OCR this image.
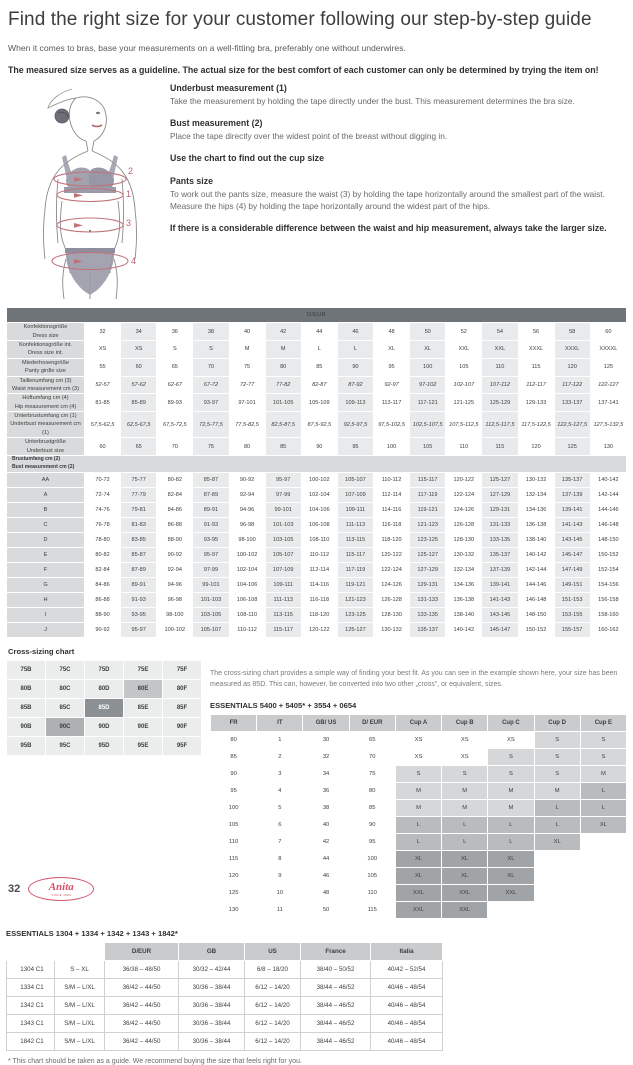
Find the right size for your customer following our step-by-step guide

When it comes to bras, base your measurements on a well-fitting bra, preferably one without underwires.

The measured size serves as a guideline. The actual size for the best comfort of each customer can only be determined by trying the item on!

2
1
3
4
Underbust measurement (1)
Take the measurement by holding the tape directly under the bust. This measurement determines the bra size.
Bust measurement (2)
Place the tape directly over the widest point of the breast without digging in.
Use the chart to find out the cup size
Pants size
To work out the pants size, measure the waist (3) by holding the tape horizontally around the smallest part of the waist. Measure the hips (4) by holding the tape horizontally around the widest part of the hips.
If there is a considerable difference between the waist and hip measurement, always take the larger size.
D/EUR															

Konfektionsgröße
Dress size	32	34	36	38	40	42	44	46	48	50	52	54	56	58	60

Konfektionsgröße int.
Dress size int.	XS	XS	S	S	M	M	L	L	XL	XL	XXL	XXL	XXXL	XXXL	XXXXL

Miederhosengröße
Panty girdle size	55	60	65	70	75	80	85	90	95	100	105	110	115	120	125

Taillenumfang cm (3)
Waist measurement cm (3)	52-57	57-62	62-67	67-72	72-77	77-82	82-87	87-92	92-97	97-102	102-107	107-112	112-117	117-122	122-127

Hüftumfang cm (4)
Hip measurement cm (4)	81-85	85-89	89-93	93-97	97-101	101-105	105-109	109-113	113-117	117-121	121-125	125-129	129-133	133-137	137-141

Unterbrustumfang cm (1)
Underbust measurement cm (1)	57,5-62,5	62,5-67,5	67,5-72,5	72,5-77,5	77,5-82,5	82,5-87,5	87,5-92,5	92,5-97,5	97,5-102,5	102,5-107,5	107,5-112,5	112,5-117,5	117,5-122,5	122,5-127,5	127,5-132,5

Unterbrustgröße
Underbust size	60	65	70	75	80	85	90	95	100	105	110	115	120	125	130

Brustumfang cm (2)
Bust measurement cm (2)															

AA	70-72	75-77	80-82	85-87	90-92	95-97	100-102	105-107	110-112	115-117	120-122	125-127	130-132	135-137	140-142
A	72-74	77-79	82-84	87-89	92-94	97-99	102-104	107-109	112-114	117-119	122-124	127-129	132-134	137-139	142-144
B	74-76	79-81	84-86	89-91	94-96	99-101	104-106	109-111	114-116	119-121	124-126	129-131	134-136	139-141	144-146
C	76-78	81-83	86-88	91-93	96-98	101-103	106-108	111-113	116-118	121-123	126-128	131-133	136-138	141-143	146-148
D	78-80	83-85	88-90	93-95	98-100	103-105	108-110	113-115	118-120	123-125	128-130	133-135	138-140	143-145	148-150
E	80-82	85-87	90-92	95-97	100-102	105-107	110-112	115-117	120-122	125-127	130-132	135-137	140-142	145-147	150-152
F	82-84	87-89	92-94	97-99	102-104	107-109	112-114	117-119	122-124	127-129	132-134	137-139	142-144	147-149	152-154
G	84-86	89-91	94-96	99-101	104-106	109-111	114-116	119-121	124-126	129-131	134-136	139-141	144-146	149-151	154-156
H	86-88	91-93	96-98	101-103	106-108	111-113	116-118	121-123	126-128	131-133	136-138	141-143	146-148	151-153	156-158
I	88-90	93-95	98-100	103-105	108-110	113-115	118-120	123-125	128-130	133-135	138-140	143-145	148-150	153-155	158-160
J	90-92	95-97	100-102	105-107	110-112	115-117	120-122	125-127	130-132	135-137	140-142	145-147	150-152	155-157	160-162
Cross-sizing chart
75B	75C	75D	75E	75F
80B	80C	80D	80E	80F
85B	85C	85D	85E	85F
90B	90C	90D	90E	90F
95B	95C	95D	95E	95F

The cross-sizing chart provides a simple way of finding your best fit. As you can see in the example shown here, your size has been measured as 85D. This can, however, be converted into two other „cross“, or equivalent, sizes.

ESSENTIALS 5400 + 5405* + 3554 + 0654
FR	IT	GB/ US	D/ EUR	Cup A	Cup B	Cup C	Cup D	Cup E
80	1	30	65	XS	XS	XS	S	S
85	2	32	70	XS	XS	S	S	S
90	3	34	75	S	S	S	S	M
95	4	36	80	M	M	M	M	L
100	5	38	85	M	M	M	L	L
105	6	40	90	L	L	L	L	XL
110	7	42	95	L	L	L	XL	
115	8	44	100	XL	XL	XL		
120	9	46	105	XL	XL	XL		
125	10	48	110	XXL	XXL	XXL		
130	11	50	115	XXL	XXL			
ESSENTIALS 1304 + 1334 + 1342 + 1343 + 1842*
		D/EUR	GB	US	France	Italia
1304 C1	S – XL	36/38 – 48/50	30/32 – 42/44	6/8 – 18/20	38/40 – 50/52	40/42 – 52/54
1334 C1	S/M – L/XL	36/42 – 44/50	30/36 – 38/44	6/12 – 14/20	38/44 – 46/52	40/46 – 48/54
1342 C1	S/M – L/XL	36/42 – 44/50	30/36 – 38/44	6/12 – 14/20	38/44 – 46/52	40/46 – 48/54
1343 C1	S/M – L/XL	36/42 – 44/50	30/36 – 38/44	6/12 – 14/20	38/44 – 46/52	40/46 – 48/54
1842 C1	S/M – L/XL	36/42 – 44/50	30/36 – 38/44	6/12 – 14/20	38/44 – 46/52	40/46 – 48/54

* This chart should be taken as a guide. We recommend buying the size that feels right for you.

32	Anita
SINCE 1886
